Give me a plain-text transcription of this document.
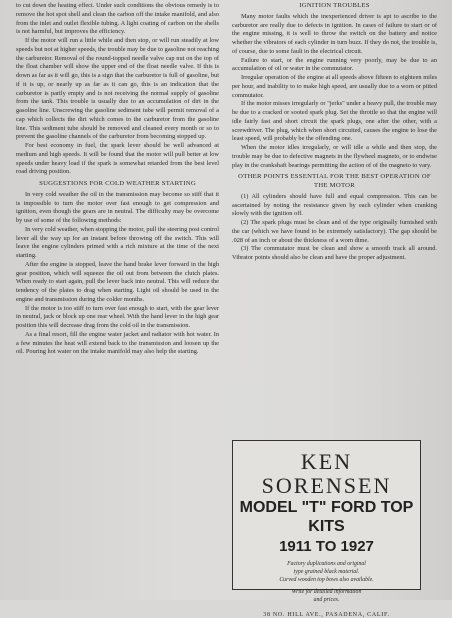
to cut down the heating effect. Under such conditions the obvious remedy is to remove the hot spot shell and clean the carbon off the intake manifold, and also from the inlet and outlet flexible tubing. A light coating of carbon on the shells is not harmful, but improves the efficiency.

If the motor will run a little while and then stop, or will run steadily at low speeds but not at higher speeds, the trouble may be due to gasoline not reaching the carburetor. Removal of the round-topped needle valve cap nut on the top of the float chamber will show the upper end of the float needle valve. If this is down as far as it will go, this is a sign that the carburetor is full of gasoline, but if it is up, or nearly up as far as it can go, this is an indication that the carburetor is partly empty and is not receiving the normal supply of gasoline from the tank. This trouble is usually due to an accumulation of dirt in the gasoline line. Unscrewing the gasoline sediment tube will permit removal of a cap which collects the dirt which comes to the carburetor from the gasoline line. This sediment tube should be removed and cleaned every month or so to prevent the gasoline channels of the carburetor from becoming stopped up.

For best economy in fuel, the spark lever should be well advanced at medium and high speeds. It will be found that the motor will pull better at low speeds under heavy load if the spark is somewhat retarded from the best level road driving position.

SUGGESTIONS FOR COLD WEATHER STARTING

In very cold weather the oil in the transmission may become so stiff that it is impossible to turn the motor over fast enough to get compression and ignition, even though the gears are in neutral. The difficulty may be overcome by use of some of the following methods:

In very cold weather, when stopping the motor, pull the steering post control lever all the way up for an instant before throwing off the switch. This will leave the engine cylinders primed with a rich mixture at the time of the next starting.

After the engine is stopped, leave the hand brake lever forward in the high gear position, which will squeeze the oil out from between the clutch plates. When ready to start again, pull the lever back into neutral. This will reduce the tendency of the plates to drag when starting. Light oil should be used in the engine and transmission during the colder months.

If the motor is too stiff to turn over fast enough to start, with the gear lever in neutral, jack or block up one rear wheel. With the hand lever in the high gear position this will decrease drag from the cold oil in the transmission.

As a final resort, fill the engine water jacket and radiator with hot water. In a few minutes the heat will extend back to the transmission and loosen up the oil. Pouring hot water on the intake manifold may also help the starting.

IGNITION TROUBLES

Many motor faults which the inexperienced driver is apt to ascribe to the carburetor are really due to defects in ignition. In cases of failure to start or of the engine missing, it is well to throw the switch on the battery and notice whether the vibrators of each cylinder in turn buzz. If they do not, the trouble is, of course, due to some fault in the electrical circuit.

Failure to start, or the engine running very poorly, may be due to an accumulation of oil or water in the commutator.

Irregular operation of the engine at all speeds above fifteen to eighteen miles per hour, and inability to to make high speed, are usually due to a worn or pitted commutator.

If the motor misses irregularly or "jerks" under a heavy pull, the trouble may be due to a cracked or sooted spark plug. Set the throttle so that the engine will idle fairly fast and short circuit the spark plugs, one after the other, with a screwdriver. The plug, which when short circuited, causes the engine to lose the least speed, will probably be the offending one.

When the motor idles irregularly, or will idle a while and then stop, the trouble may be due to defective magnets in the flywheel magneto, or to endwise play in the crankshaft bearings permitting the action of of the magneto to vary.

OTHER POINTS ESSENTIAL FOR THE BEST OPERATION OF THE MOTOR

(1) All cylinders should have full and equal compression. This can be ascertained by noting the resistance given by each cylinder when cranking slowly with the ignition off.

(2) The spark plugs must be clean and of the type originally furnished with the car (which we have found to be extremely satisfactory). The gap should be .028 of an inch or about the thickness of a worn dime.

(3) The commutator must be clean and show a smooth track all around. Vibrator points should also be clean and have the proper adjustment.

KEN SORENSEN
MODEL "T" FORD TOP KITS
1911 TO 1927
Factory duplications and original
type grained black material.
Curved wooden top bows also available.
Write for detailed information
and prices.
38 NO. HILL AVE., PASADENA, CALIF.
